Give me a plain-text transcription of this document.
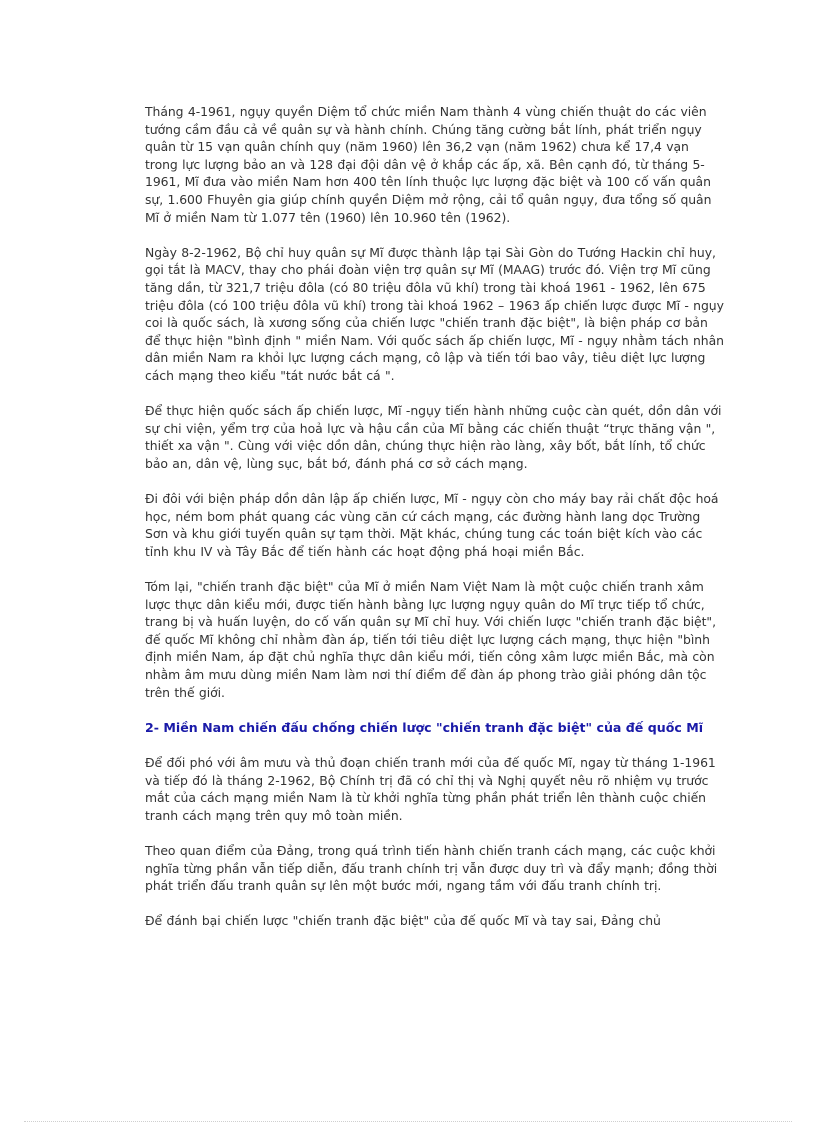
Tháng 4-1961, ngụy quyền Diệm tổ chức miền Nam thành 4 vùng chiến thuật do các viên tướng cầm đầu cả về quân sự và hành chính. Chúng tăng cường bắt lính, phát triển ngụy quân từ 15 vạn quân chính quy (năm 1960) lên 36,2 vạn (năm 1962) chưa kể 17,4 vạn trong lực lượng bảo an và 128 đại đội dân vệ ở khắp các ấp, xã. Bên cạnh đó, từ tháng 5-1961, Mĩ đưa vào miền Nam hơn 400 tên lính thuộc lực lượng đặc biệt và 100 cố vấn quân sự, 1.600 Fhuyên gia giúp chính quyền Diệm mở rộng, cải tổ quân ngụy, đưa tổng số quân Mĩ ở miền Nam từ 1.077 tên (1960) lên 10.960 tên (1962).

Ngày 8-2-1962, Bộ chỉ huy quân sự Mĩ được thành lập tại Sài Gòn do Tướng Hackin chỉ huy, gọi tắt là MACV, thay cho phái đoàn viện trợ quân sự Mĩ (MAAG) trước đó. Viện trợ Mĩ cũng tăng dần, từ 321,7 triệu đôla (có 80 triệu đôla vũ khí) trong tài khoá 1961 - 1962, lên 675 triệu đôla (có 100 triệu đôla vũ khí) trong tài khoá 1962 – 1963 ấp chiến lược được Mĩ - ngụy coi là quốc sách, là xương sống của chiến lược "chiến tranh đặc biệt", là biện pháp cơ bản để thực hiện "bình định " miền Nam. Với quốc sách ấp chiến lược, Mĩ - ngụy nhằm tách nhân dân miền Nam ra khỏi lực lượng cách mạng, cô lập và tiến tới bao vây, tiêu diệt lực lượng cách mạng theo kiểu "tát nước bắt cá ".

Để thực hiện quốc sách ấp chiến lược, Mĩ -ngụy tiến hành những cuộc càn quét, dồn dân với sự chi viện, yểm trợ của hoả lực và hậu cần của Mĩ bằng các chiến thuật “trực thăng vận ", thiết xa vận ". Cùng với việc dồn dân, chúng thực hiện rào làng, xây bốt, bắt lính, tổ chức bảo an, dân vệ, lùng sục, bắt bớ, đánh phá cơ sở cách mạng.

Đi đôi với biện pháp dồn dân lập ấp chiến lược, Mĩ - ngụy còn cho máy bay rải chất độc hoá học, ném bom phát quang các vùng căn cứ cách mạng, các đường hành lang dọc Trường Sơn và khu giới tuyến quân sự tạm thời. Mặt khác, chúng tung các toán biệt kích vào các tỉnh khu IV và Tây Bắc để tiến hành các hoạt động phá hoại miền Bắc.

Tóm lại, "chiến tranh đặc biệt" của Mĩ ở miền Nam Việt Nam là một cuộc chiến tranh xâm lược thực dân kiểu mới, được tiến hành bằng lực lượng ngụy quân do Mĩ trực tiếp tổ chức, trang bị và huấn luyện, do cố vấn quân sự Mĩ chỉ huy. Với chiến lược "chiến tranh đặc biệt", đế quốc Mĩ không chỉ nhằm đàn áp, tiến tới tiêu diệt lực lượng cách mạng, thực hiện "bình định miền Nam, áp đặt chủ nghĩa thực dân kiểu mới, tiến công xâm lược miền Bắc, mà còn nhằm âm mưu dùng miền Nam làm nơi thí điểm để đàn áp phong trào giải phóng dân tộc trên thế giới.

2- Miền Nam chiến đấu chống chiến lược "chiến tranh đặc biệt" của đế quốc Mĩ

Để đối phó với âm mưu và thủ đoạn chiến tranh mới của đế quốc Mĩ, ngay từ tháng 1-1961 và tiếp đó là tháng 2-1962, Bộ Chính trị đã có chỉ thị và Nghị quyết nêu rõ nhiệm vụ trước mắt của cách mạng miền Nam là từ khởi nghĩa từng phần phát triển lên thành cuộc chiến tranh cách mạng trên quy mô toàn miền.

Theo quan điểm của Đảng, trong quá trình tiến hành chiến tranh cách mạng, các cuộc khởi nghĩa từng phần vẫn tiếp diễn, đấu tranh chính trị vẫn được duy trì và đẩy mạnh; đồng thời phát triển đấu tranh quân sự lên một bước mới, ngang tầm với đấu tranh chính trị.

Để đánh bại chiến lược "chiến tranh đặc biệt" của đế quốc Mĩ và tay sai, Đảng chủ
